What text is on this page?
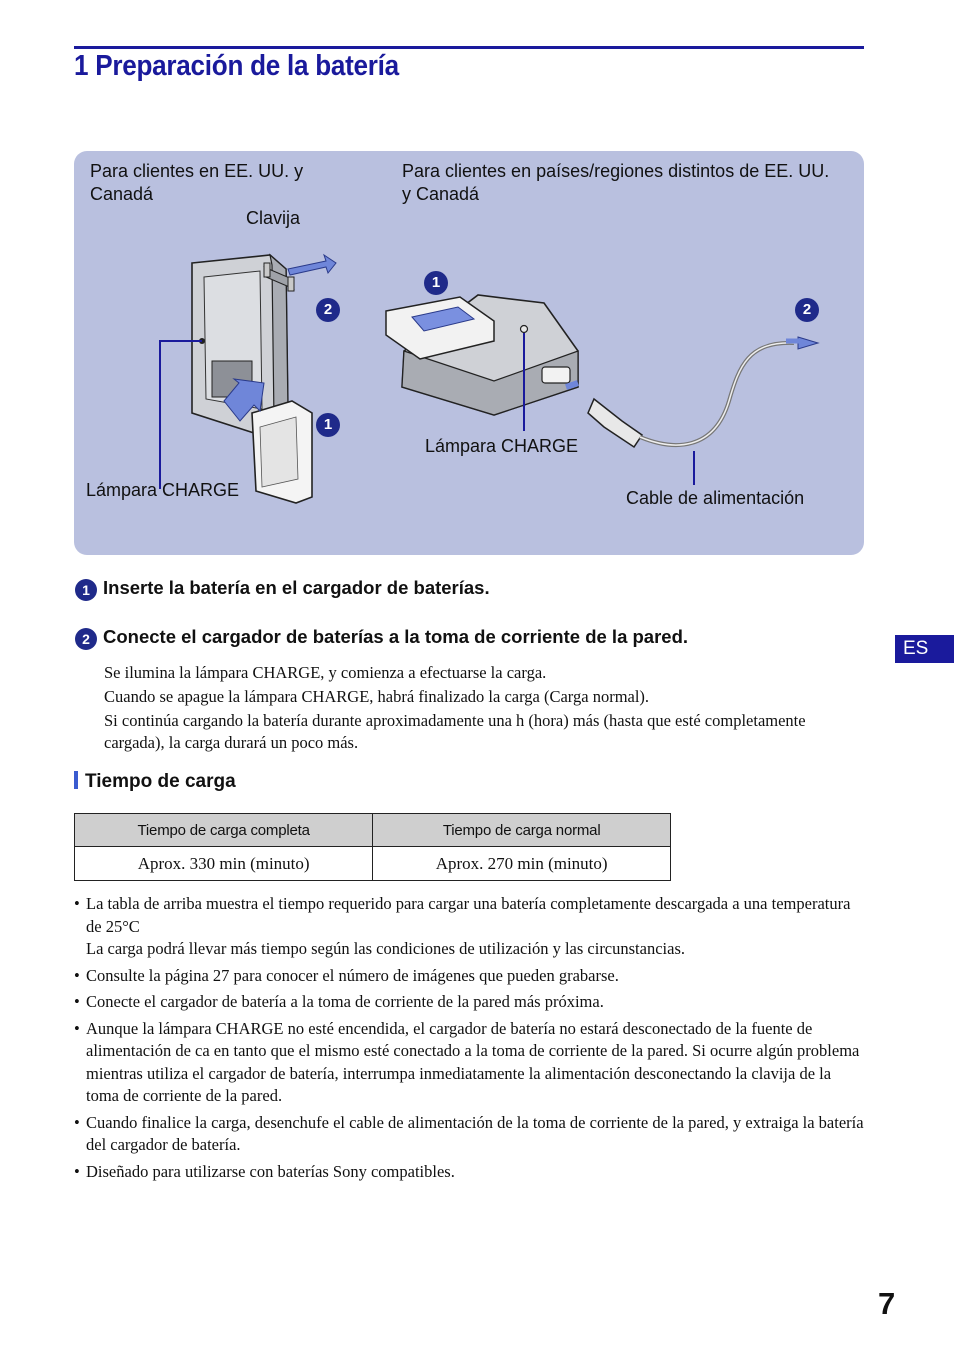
1 Preparación de la batería
Para clientes en EE. UU. y Canadá
Para clientes en países/regiones distintos de EE. UU. y Canadá
Clavija
Lámpara CHARGE
Lámpara CHARGE
Cable de alimentación
2
1
1
2
1 Inserte la batería en el cargador de baterías.
2 Conecte el cargador de baterías a la toma de corriente de la pared.

Se ilumina la lámpara CHARGE, y comienza a efectuarse la carga.

Cuando se apague la lámpara CHARGE, habrá finalizado la carga (Carga normal).

Si continúa cargando la batería durante aproximadamente una h (hora) más (hasta que esté completamente cargada), la carga durará un poco más.

Tiempo de carga
Tiempo de carga completa	Tiempo de carga normal
Aprox. 330 min (minuto)	Aprox. 270 min (minuto)
• La tabla de arriba muestra el tiempo requerido para cargar una batería completamente descargada a una temperatura de 25°C
La carga podrá llevar más tiempo según las condiciones de utilización y las circunstancias.
• Consulte la página 27 para conocer el número de imágenes que pueden grabarse.
• Conecte el cargador de batería a la toma de corriente de la pared más próxima.
• Aunque la lámpara CHARGE no esté encendida, el cargador de batería no estará desconectado de la fuente de alimentación de ca en tanto que el mismo esté conectado a la toma de corriente de la pared. Si ocurre algún problema mientras utiliza el cargador de batería, interrumpa inmediatamente la alimentación desconectando la clavija de la toma de corriente de la pared.
• Cuando finalice la carga, desenchufe el cable de alimentación de la toma de corriente de la pared, y extraiga la batería del cargador de batería.
• Diseñado para utilizarse con baterías Sony compatibles.
ES
7
